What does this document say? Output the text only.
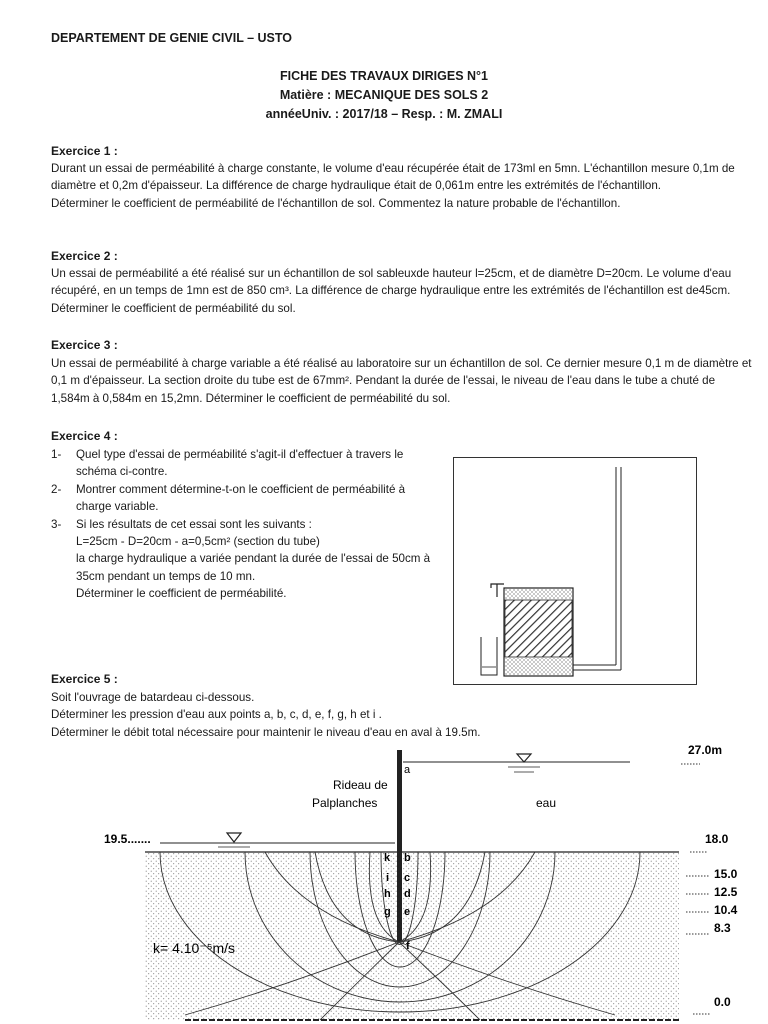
DEPARTEMENT DE GENIE CIVIL – USTO
FICHE DES TRAVAUX DIRIGES N°1
Matière : MECANIQUE DES SOLS 2
annéeUniv. : 2017/18 – Resp. : M. ZMALI
Exercice 1 :

Durant un essai de perméabilité à charge constante, le volume d'eau récupérée était de 173ml en 5mn. L'échantillon mesure 0,1m de diamètre et 0,2m d'épaisseur. La différence de charge hydraulique était de 0,061m entre les extrémités de l'échantillon.

Déterminer le coefficient de perméabilité de l'échantillon de sol. Commentez la nature probable de l'échantillon.

Exercice 2 :

Un essai de perméabilité a été réalisé sur un échantillon de sol sableuxde hauteur l=25cm, et de diamètre D=20cm. Le volume d'eau récupéré, en un temps de 1mn est de 850 cm³. La différence de charge hydraulique entre les extrémités de l'échantillon est de45cm. Déterminer le coefficient de perméabilité du sol.

Exercice 3 :

Un essai de perméabilité à charge variable a été réalisé au laboratoire sur un échantillon de sol. Ce dernier mesure 0,1 m de diamètre et 0,1 m d'épaisseur. La section droite du tube est de 67mm². Pendant la durée de l'essai, le niveau de l'eau dans le tube a chuté de 1,584m à 0,584m en 15,2mn. Déterminer le coefficient de perméabilité du sol.

Exercice 4 :
1-	Quel type d'essai de perméabilité s'agit-il d'effectuer à travers le schéma ci-contre.
2-	Montrer comment détermine-t-on le coefficient de perméabilité à charge variable.
3-	Si les résultats de cet essai sont les suivants :
L=25cm - D=20cm - a=0,5cm² (section du tube)
la charge hydraulique a variée pendant la durée de l'essai de 50cm à 35cm pendant un temps de 10 mn.
Déterminer le coefficient de perméabilité.
Exercice 5 :

Soit l'ouvrage de batardeau ci-dessous.

Déterminer les pression d'eau aux points a, b, c, d, e, f, g, h et i .

Déterminer le débit total nécessaire pour maintenir le niveau d'eau en aval à 19.5m.

27.0m
18.0
15.0
12.5
10.4
8.3
0.0
19.5.......
Rideau de
Palplanches	eau
k= 4.10⁻⁵m/s
a
b
c
d
e
f
g
h
i
k
